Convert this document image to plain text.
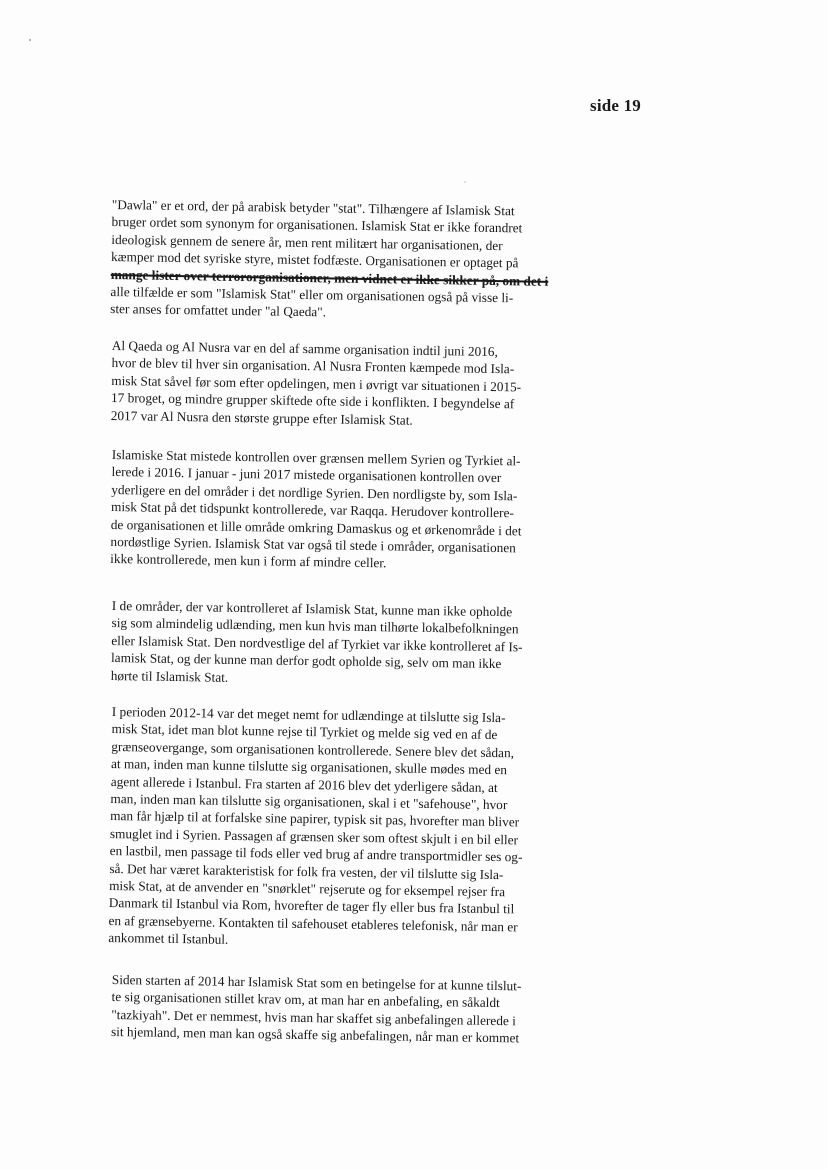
side 19

"Dawla" er et ord, der på arabisk betyder "stat". Tilhængere af Islamisk Stat
bruger ordet som synonym for organisationen. Islamisk Stat er ikke forandret
ideologisk gennem de senere år, men rent militært har organisationen, der
kæmper mod det syriske styre, mistet fodfæste. Organisationen er optaget på
mange lister over terrororganisationer, men vidnet er ikke sikker på, om det i
alle tilfælde er som "Islamisk Stat" eller om organisationen også på visse li-
ster anses for omfattet under "al Qaeda".

Al Qaeda og Al Nusra var en del af samme organisation indtil juni 2016,
hvor de blev til hver sin organisation. Al Nusra Fronten kæmpede mod Isla-
misk Stat såvel før som efter opdelingen, men i øvrigt var situationen i 2015-
17 broget, og mindre grupper skiftede ofte side i konflikten. I begyndelse af
2017 var Al Nusra den største gruppe efter Islamisk Stat.

Islamiske Stat mistede kontrollen over grænsen mellem Syrien og Tyrkiet al-
lerede i 2016. I januar - juni 2017 mistede organisationen kontrollen over
yderligere en del områder i det nordlige Syrien. Den nordligste by, som Isla-
misk Stat på det tidspunkt kontrollerede, var Raqqa. Herudover kontrollere-
de organisationen et lille område omkring Damaskus og et ørkenområde i det
nordøstlige Syrien. Islamisk Stat var også til stede i områder, organisationen
ikke kontrollerede, men kun i form af mindre celler.

I de områder, der var kontrolleret af Islamisk Stat, kunne man ikke opholde
sig som almindelig udlænding, men kun hvis man tilhørte lokalbefolkningen
eller Islamisk Stat. Den nordvestlige del af Tyrkiet var ikke kontrolleret af Is-
lamisk Stat, og der kunne man derfor godt opholde sig, selv om man ikke
hørte til Islamisk Stat.

I perioden 2012-14 var det meget nemt for udlændinge at tilslutte sig Isla-
misk Stat, idet man blot kunne rejse til Tyrkiet og melde sig ved en af de
grænseovergange, som organisationen kontrollerede. Senere blev det sådan,
at man, inden man kunne tilslutte sig organisationen, skulle mødes med en
agent allerede i Istanbul. Fra starten af 2016 blev det yderligere sådan, at
man, inden man kan tilslutte sig organisationen, skal i et "safehouse", hvor
man får hjælp til at forfalske sine papirer, typisk sit pas, hvorefter man bliver
smuglet ind i Syrien. Passagen af grænsen sker som oftest skjult i en bil eller
en lastbil, men passage til fods eller ved brug af andre transportmidler ses og-
så. Det har været karakteristisk for folk fra vesten, der vil tilslutte sig Isla-
misk Stat, at de anvender en "snørklet" rejserute og for eksempel rejser fra
Danmark til Istanbul via Rom, hvorefter de tager fly eller bus fra Istanbul til
en af grænsebyerne. Kontakten til safehouset etableres telefonisk, når man er
ankommet til Istanbul.

Siden starten af 2014 har Islamisk Stat som en betingelse for at kunne tilslut-
te sig organisationen stillet krav om, at man har en anbefaling, en såkaldt
"tazkiyah". Det er nemmest, hvis man har skaffet sig anbefalingen allerede i
sit hjemland, men man kan også skaffe sig anbefalingen, når man er kommet
